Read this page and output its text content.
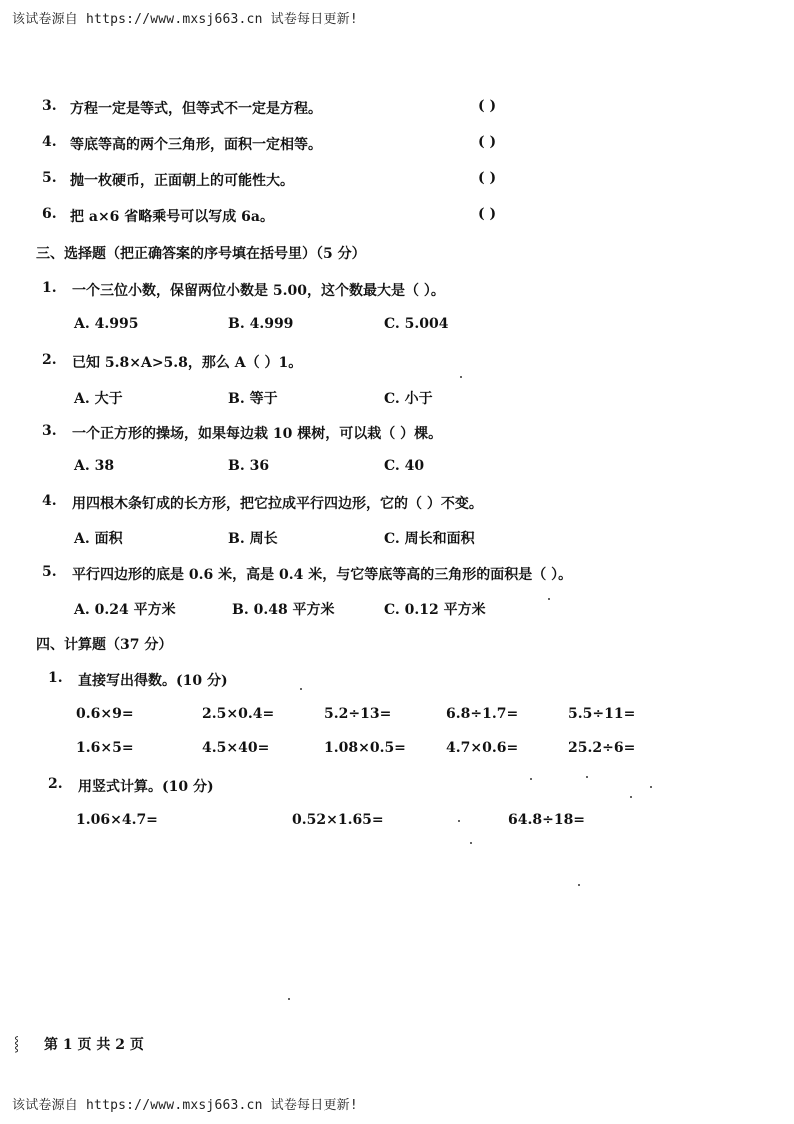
该试卷源自 https://www.mxsj663.cn 试卷每日更新!
3. 方程一定是等式，但等式不一定是方程。	( )
4. 等底等高的两个三角形，面积一定相等。	( )
5. 抛一枚硬币，正面朝上的可能性大。	( )
6. 把 a×6 省略乘号可以写成 6a。	( )
三、选择题（把正确答案的序号填在括号里）（5 分）
1. 一个三位小数，保留两位小数是 5.00，这个数最大是（ ）。
A. 4.995	B. 4.999	C. 5.004
2. 已知 5.8×A>5.8，那么 A（ ）1。
A. 大于	B. 等于	C. 小于
3. 一个正方形的操场，如果每边栽 10 棵树，可以栽（ ）棵。
A. 38	B. 36	C. 40
4. 用四根木条钉成的长方形，把它拉成平行四边形，它的（ ）不变。
A. 面积	B. 周长	C. 周长和面积
5. 平行四边形的底是 0.6 米，高是 0.4 米，与它等底等高的三角形的面积是（ ）。
A. 0.24 平方米	B. 0.48 平方米	C. 0.12 平方米
四、计算题（37 分）
1. 直接写出得数。(10 分)
0.6×9=	2.5×0.4=	5.2÷13=	6.8÷1.7=	5.5÷11=
1.6×5=	4.5×40=	1.08×0.5=	4.7×0.6=	25.2÷6=
2. 用竖式计算。(10 分)
1.06×4.7=	0.52×1.65=	64.8÷18=
⸾ 第 1 页 共 2 页
该试卷源自 https://www.mxsj663.cn 试卷每日更新!
